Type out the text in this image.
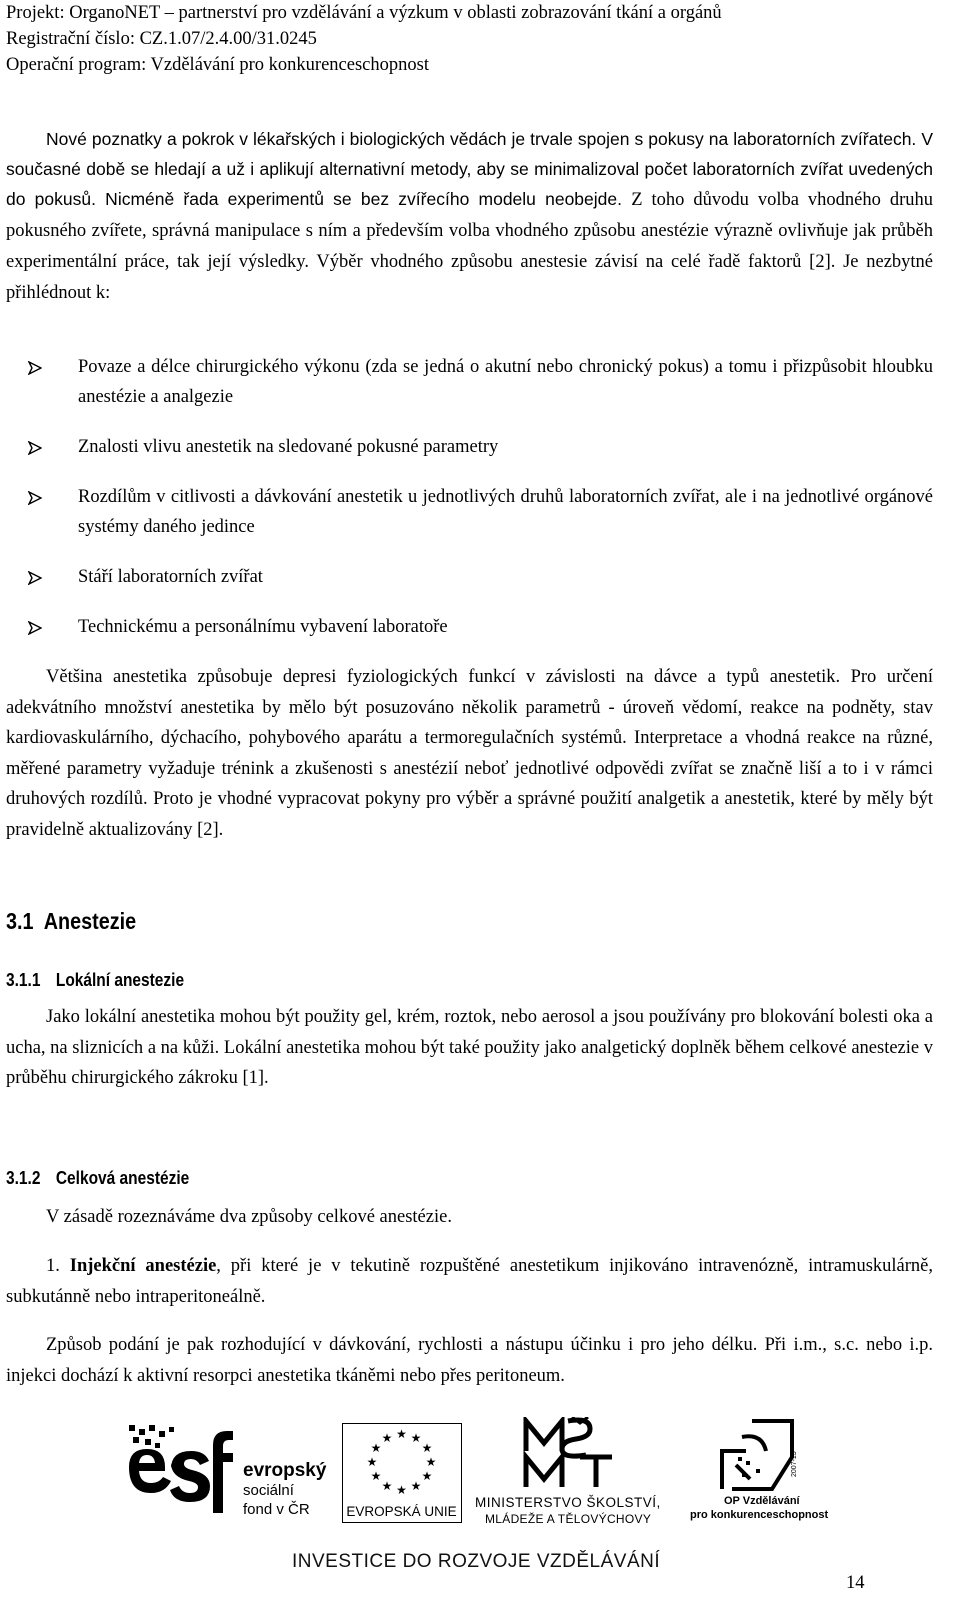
Projekt: OrganoNET – partnerství pro vzdělávání a výzkum v oblasti zobrazování tkání a orgánů
Registrační číslo: CZ.1.07/2.4.00/31.0245
Operační program: Vzdělávání pro konkurenceschopnost

Nové poznatky a pokrok v lékařských i biologických vědách je trvale spojen s pokusy na laboratorních zvířatech. V současné době se hledají a už i aplikují alternativní metody, aby se minimalizoval počet laboratorních zvířat uvedených do pokusů. Nicméně řada experimentů se bez zvířecího modelu neobejde. Z toho důvodu volba vhodného druhu pokusného zvířete, správná manipulace s ním a především volba vhodného způsobu anestézie výrazně ovlivňuje jak průběh experimentální práce, tak její výsledky. Výběr vhodného způsobu anestesie závisí na celé řadě faktorů [2]. Je nezbytné přihlédnout k:

Povaze a délce chirurgického výkonu (zda se jedná o akutní nebo chronický pokus) a tomu i přizpůsobit hloubku anestézie a analgezie
Znalosti vlivu anestetik na sledované pokusné parametry
Rozdílům v citlivosti a dávkování anestetik u jednotlivých druhů laboratorních zvířat, ale i na jednotlivé orgánové systémy daného jedince
Stáří laboratorních zvířat
Technickému a personálnímu vybavení laboratoře

Většina anestetika způsobuje depresi fyziologických funkcí v závislosti na dávce a typů anestetik. Pro určení adekvátního množství anestetika by mělo být posuzováno několik parametrů - úroveň vědomí, reakce na podněty, stav kardiovaskulárního, dýchacího, pohybového aparátu a termoregulačních systémů. Interpretace a vhodná reakce na různé, měřené parametry vyžaduje trénink a zkušenosti s anestézií neboť jednotlivé odpovědi zvířat se značně liší a to i v rámci druhových rozdílů. Proto je vhodné vypracovat pokyny pro výběr a správné použití analgetik a anestetik, které by měly být pravidelně aktualizovány [2].

3.1 Anestezie
3.1.1 Lokální anestezie

Jako lokální anestetika mohou být použity gel, krém, roztok, nebo aerosol a jsou používány pro blokování bolesti oka a ucha, na sliznicích a na kůži. Lokální anestetika mohou být také použity jako analgetický doplněk během celkové anestezie v průběhu chirurgického zákroku [1].

3.1.2 Celková anestézie

V zásadě rozeznáváme dva způsoby celkové anestézie.

1. Injekční anestézie, při které je v tekutině rozpuštěné anestetikum injikováno intravenózně, intramuskulárně, subkutánně nebo intraperitoneálně.

Způsob podání je pak rozhodující v dávkování, rychlosti a nástupu účinku i pro jeho délku. Při i.m., s.c. nebo i.p. injekci dochází k aktivní resorpci anestetika tkáněmi nebo přes peritoneum.

evropský
sociální
fond v ČR
★ ★
★
★
★
★
★
★
★
★
★
★
EVROPSKÁ UNIE
MINISTERSTVO ŠKOLSTVÍ,
MLÁDEŽE A TĚLOVÝCHOVY
2007-13
OP Vzdělávání
pro konkurenceschopnost
INVESTICE DO ROZVOJE VZDĚLÁVÁNÍ
14
